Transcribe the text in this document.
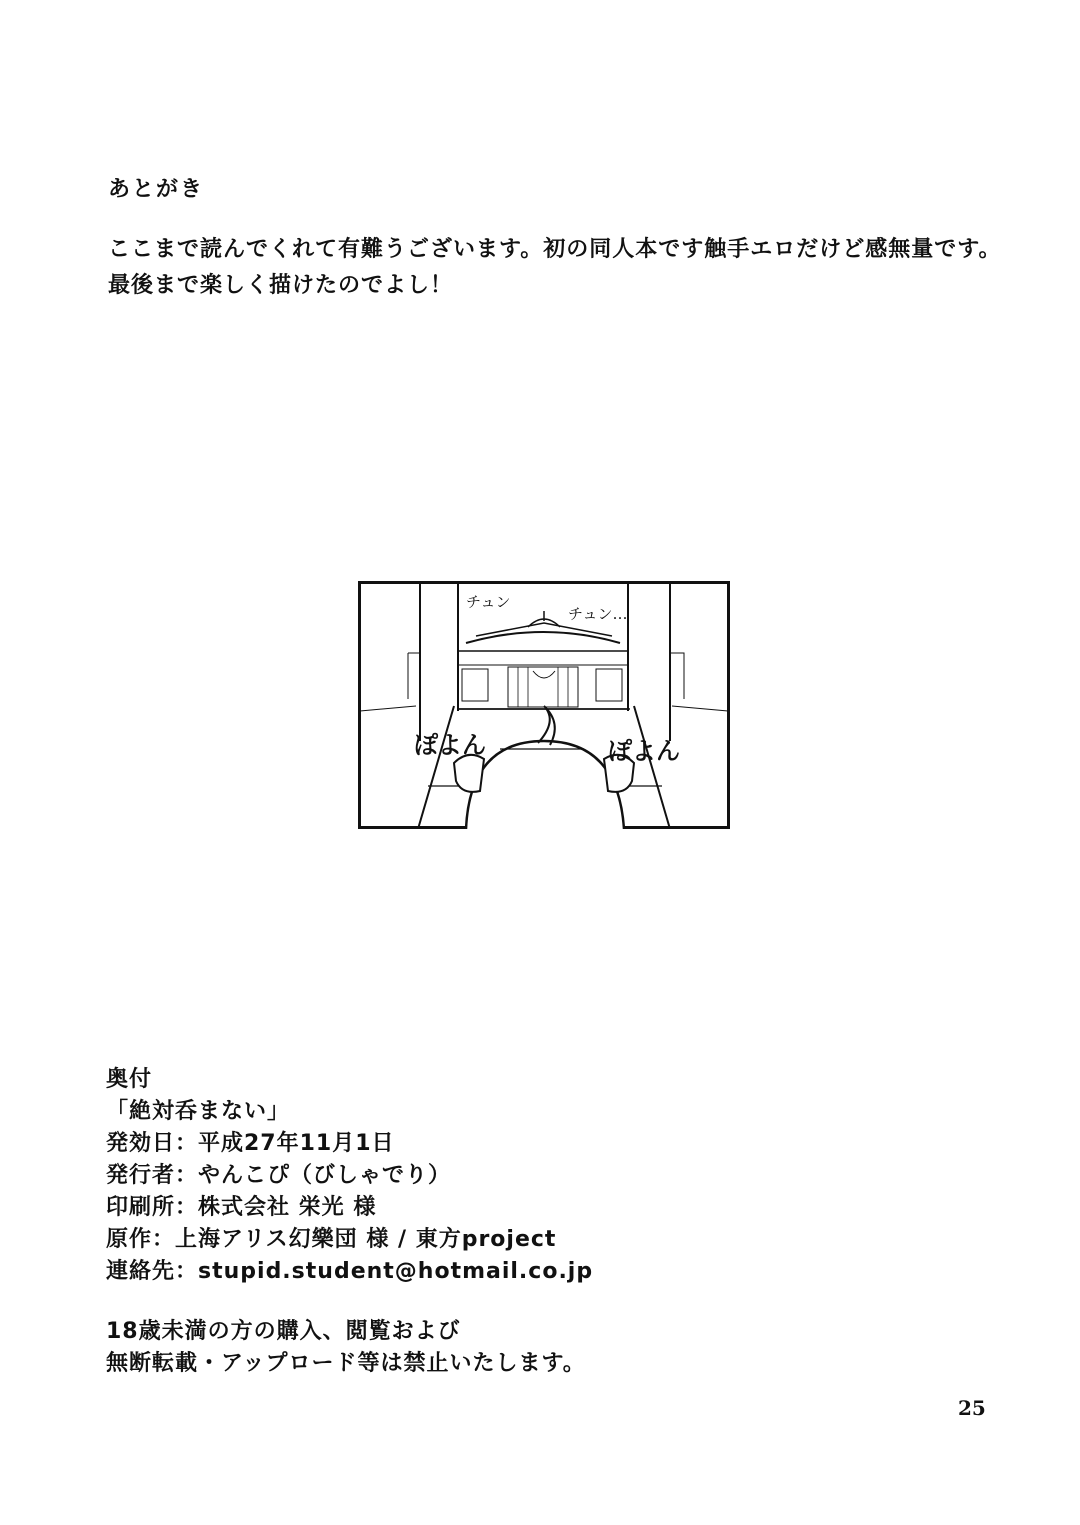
あとがき
ここまで読んでくれて有難うございます。初の同人本です触手エロだけど感無量です。
最後まで楽しく描けたのでよし！
チュン
チュン…
ぽよん	ぽよん
奥付
「絶対呑まない」
発効日：平成27年11月1日
発行者：やんこぴ（びしゃでり）
印刷所：株式会社 栄光 様
原作：上海アリス幻樂団 様 / 東方project
連絡先：stupid.student@hotmail.co.jp
18歳未満の方の購入、閲覧および
無断転載・アップロード等は禁止いたします。
25
